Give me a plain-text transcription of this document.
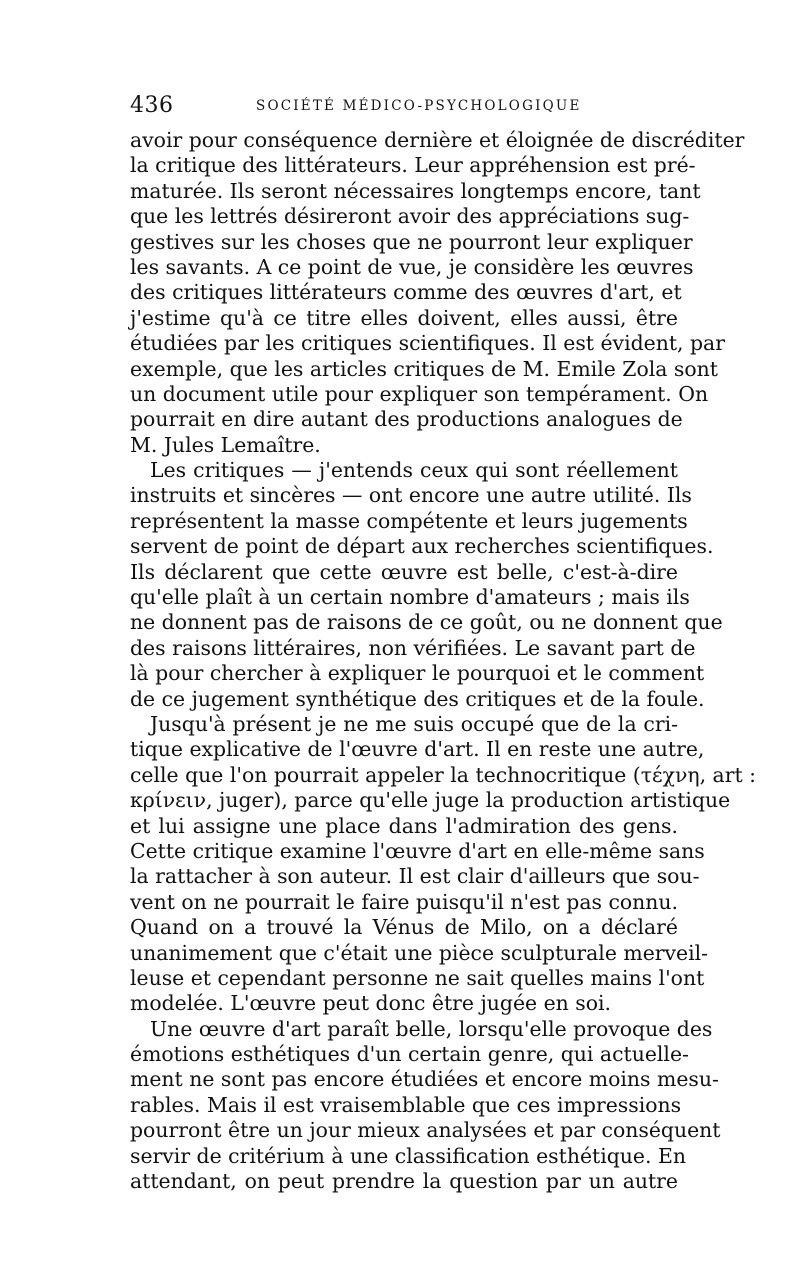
436	SOCIÉTÉ MÉDICO-PSYCHOLOGIQUE
avoir pour conséquence dernière et éloignée de discréditer
la critique des littérateurs. Leur appréhension est pré-
maturée. Ils seront nécessaires longtemps encore, tant
que les lettrés désireront avoir des appréciations sug-
gestives sur les choses que ne pourront leur expliquer
les savants. A ce point de vue, je considère les œuvres
des critiques littérateurs comme des œuvres d'art, et
j'estime qu'à ce titre elles doivent, elles aussi, être
étudiées par les critiques scientifiques. Il est évident, par
exemple, que les articles critiques de M. Emile Zola sont
un document utile pour expliquer son tempérament. On
pourrait en dire autant des productions analogues de
M. Jules Lemaître.
Les critiques — j'entends ceux qui sont réellement
instruits et sincères — ont encore une autre utilité. Ils
représentent la masse compétente et leurs jugements
servent de point de départ aux recherches scientifiques.
Ils déclarent que cette œuvre est belle, c'est-à-dire
qu'elle plaît à un certain nombre d'amateurs ; mais ils
ne donnent pas de raisons de ce goût, ou ne donnent que
des raisons littéraires, non vérifiées. Le savant part de
là pour chercher à expliquer le pourquoi et le comment
de ce jugement synthétique des critiques et de la foule.
Jusqu'à présent je ne me suis occupé que de la cri-
tique explicative de l'œuvre d'art. Il en reste une autre,
celle que l'on pourrait appeler la technocritique (τέχνη, art :
κρίνειν, juger), parce qu'elle juge la production artistique
et lui assigne une place dans l'admiration des gens.
Cette critique examine l'œuvre d'art en elle-même sans
la rattacher à son auteur. Il est clair d'ailleurs que sou-
vent on ne pourrait le faire puisqu'il n'est pas connu.
Quand on a trouvé la Vénus de Milo, on a déclaré
unanimement que c'était une pièce sculpturale merveil-
leuse et cependant personne ne sait quelles mains l'ont
modelée. L'œuvre peut donc être jugée en soi.
Une œuvre d'art paraît belle, lorsqu'elle provoque des
émotions esthétiques d'un certain genre, qui actuelle-
ment ne sont pas encore étudiées et encore moins mesu-
rables. Mais il est vraisemblable que ces impressions
pourront être un jour mieux analysées et par conséquent
servir de critérium à une classification esthétique. En
attendant, on peut prendre la question par un autre
